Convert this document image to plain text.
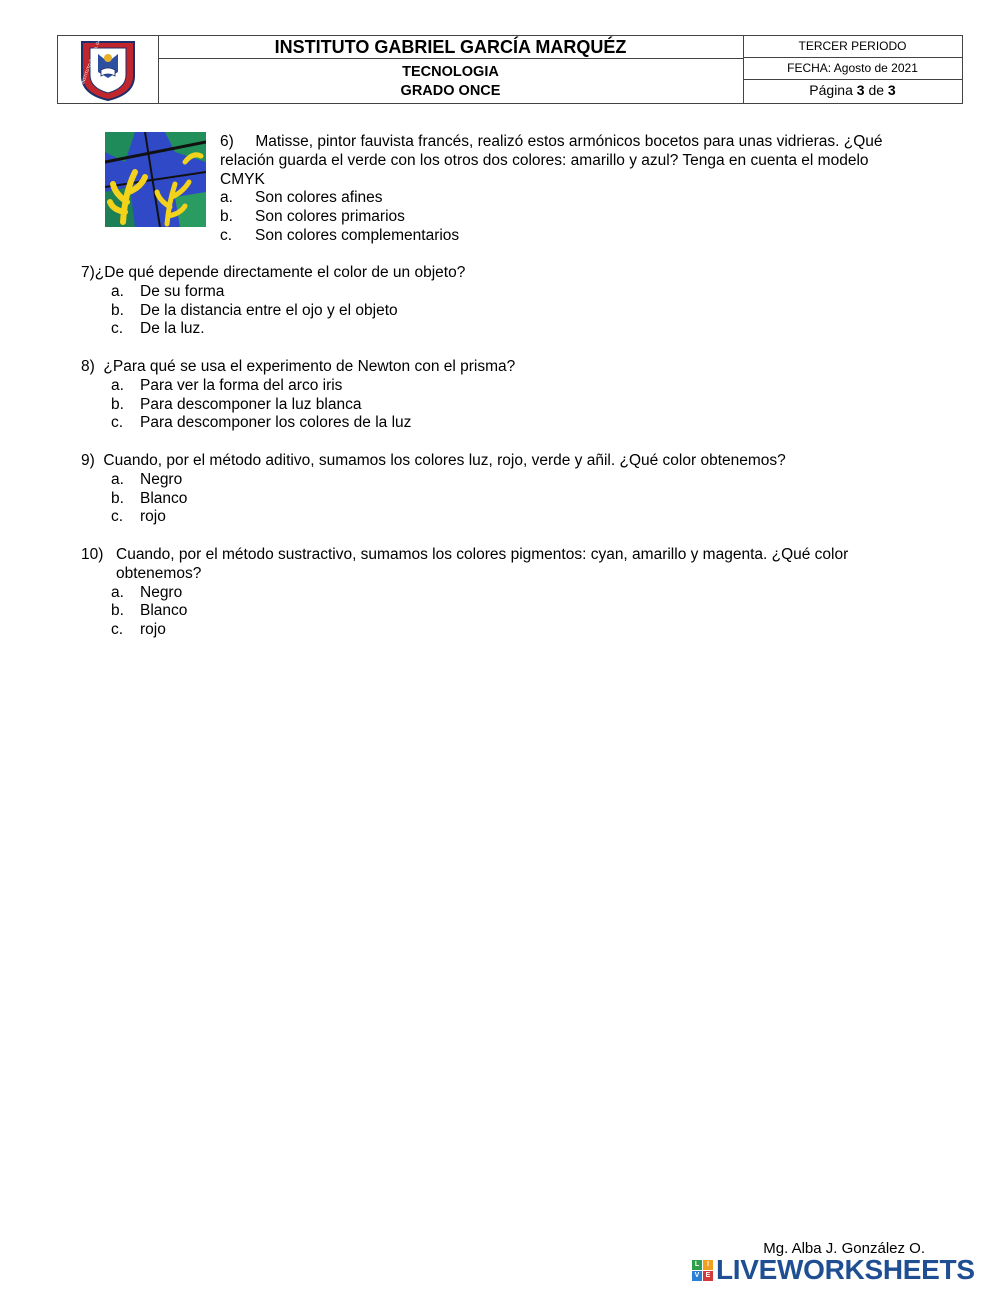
INSTITUTO GABRIEL GARCÍA	INSTITUTO GABRIEL GARCÍA MARQUÉZ
TECNOLOGIA
GRADO ONCE
TERCER PERIODO
FECHA: Agosto de 2021
Página 3 de 3

6) Matisse, pintor fauvista francés, realizó estos armónicos bocetos para unas vidrieras. ¿Qué

relación guarda el verde con los otros dos colores: amarillo y azul? Tenga en cuenta el modelo

CMYK

a.	Son colores afines
b.	Son colores primarios
c.	Son colores complementarios

7)¿De qué depende directamente el color de un objeto?

a.	De su forma
b.	De la distancia entre el ojo y el objeto
c.	De la luz.

8) ¿Para qué se usa el experimento de Newton con el prisma?

a.	Para ver la forma del arco iris
b.	Para descomponer la luz blanca
c.	Para descomponer los colores de la luz

9) Cuando, por el método aditivo, sumamos los colores luz, rojo, verde y añil. ¿Qué color obtenemos?

a.	Negro
b.	Blanco
c.	rojo
10) Cuando, por el método sustractivo, sumamos los colores pigmentos: cyan, amarillo y magenta. ¿Qué color

obtenemos?

a.	Negro
b.	Blanco
c.	rojo
Mg. Alba J. González O.
L	I
V E LIVEWORKSHEETS
